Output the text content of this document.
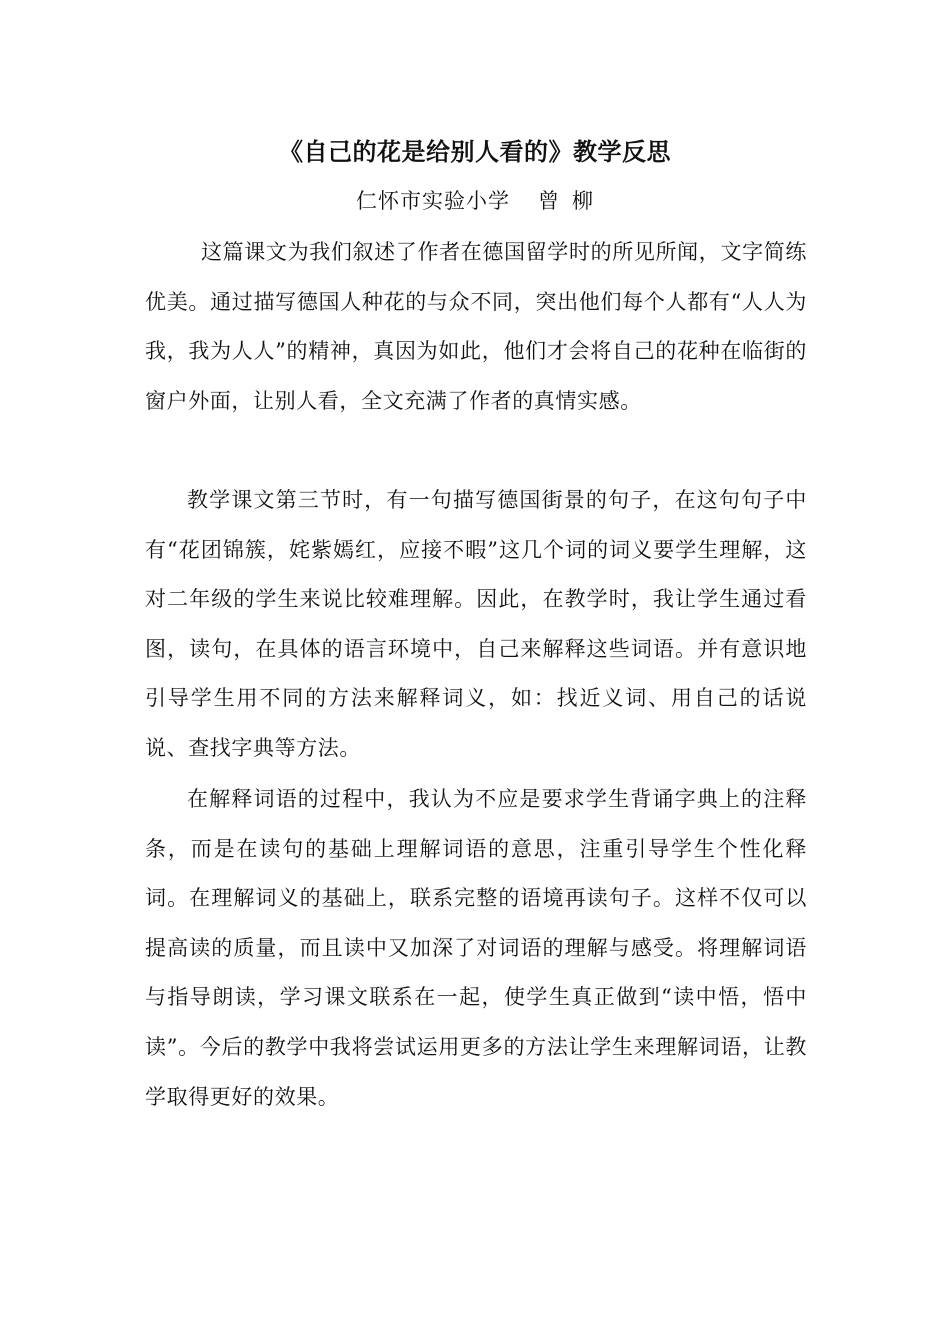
《自己的花是给别人看的》教学反思
仁怀市实验小学 曾 柳

这篇课文为我们叙述了作者在德国留学时的所见所闻，文字简练优美。通过描写德国人种花的与众不同，突出他们每个人都有“人人为我，我为人人”的精神，真因为如此，他们才会将自己的花种在临街的窗户外面，让别人看，全文充满了作者的真情实感。

教学课文第三节时，有一句描写德国街景的句子，在这句句子中有“花团锦簇，姹紫嫣红，应接不暇”这几个词的词义要学生理解，这对二年级的学生来说比较难理解。因此，在教学时，我让学生通过看图，读句，在具体的语言环境中，自己来解释这些词语。并有意识地引导学生用不同的方法来解释词义，如：找近义词、用自己的话说说、查找字典等方法。

在解释词语的过程中，我认为不应是要求学生背诵字典上的注释条，而是在读句的基础上理解词语的意思，注重引导学生个性化释词。在理解词义的基础上，联系完整的语境再读句子。这样不仅可以提高读的质量，而且读中又加深了对词语的理解与感受。将理解词语与指导朗读，学习课文联系在一起，使学生真正做到“读中悟，悟中读”。今后的教学中我将尝试运用更多的方法让学生来理解词语，让教学取得更好的效果。
